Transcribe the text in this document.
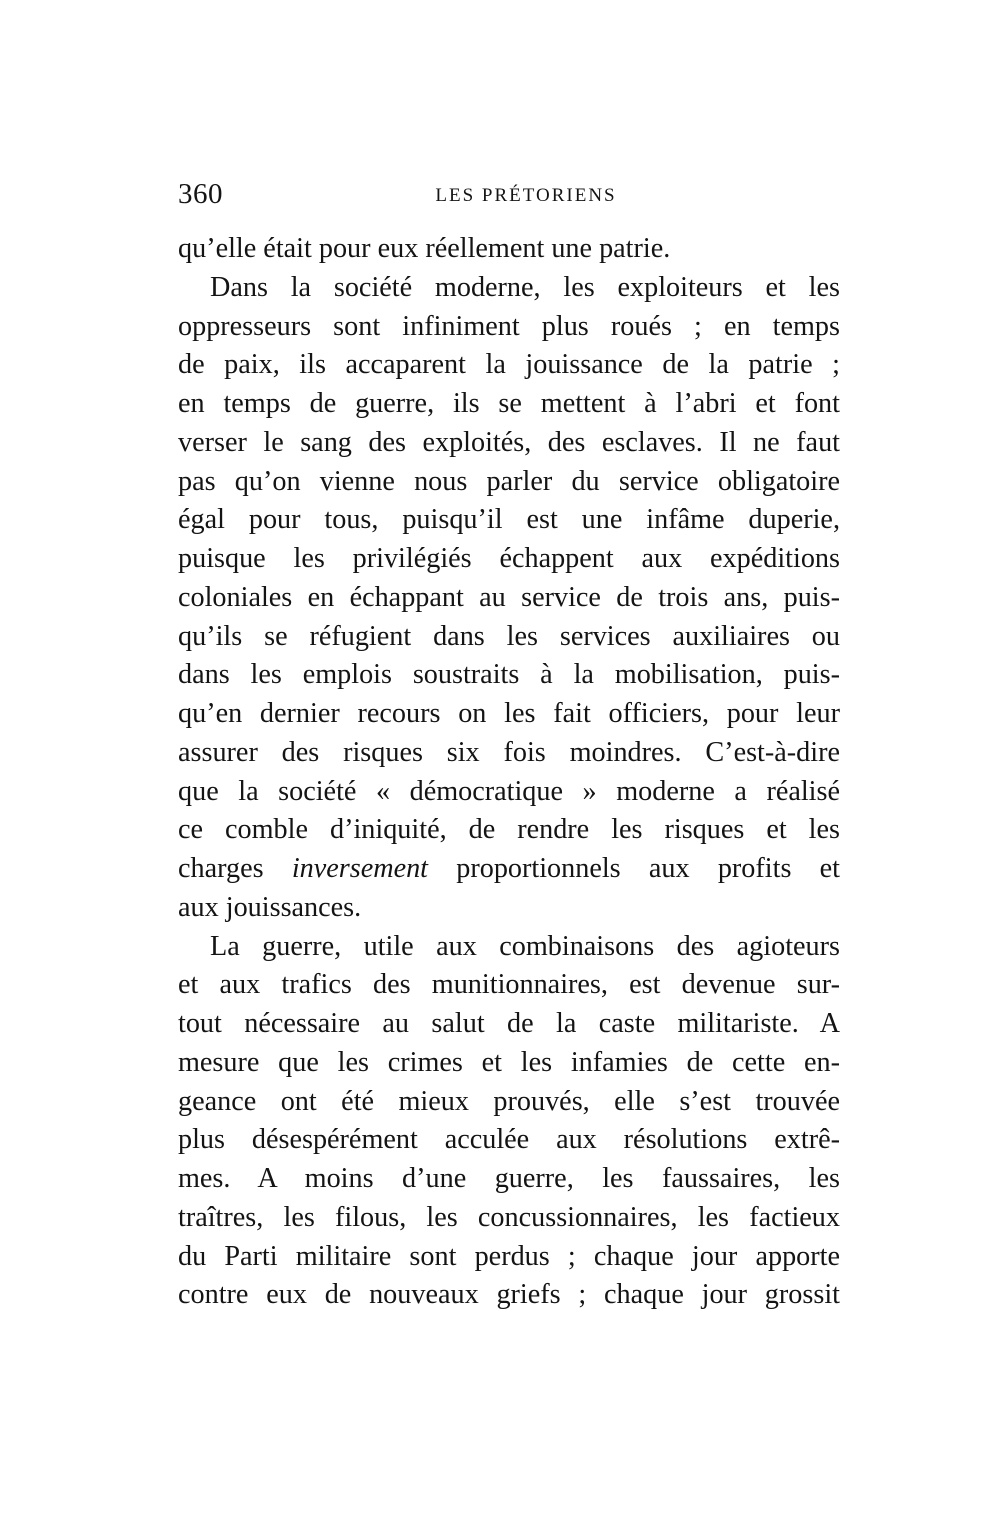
360	LES PRÉTORIENS
qu’elle était pour eux réellement une patrie.
Dans la société moderne, les exploiteurs et les
oppresseurs sont infiniment plus roués ; en temps
de paix, ils accaparent la jouissance de la patrie ;
en temps de guerre, ils se mettent à l’abri et font
verser le sang des exploités, des esclaves. Il ne faut
pas qu’on vienne nous parler du service obligatoire
égal pour tous, puisqu’il est une infâme duperie,
puisque les privilégiés échappent aux expéditions
coloniales en échappant au service de trois ans, puis-
qu’ils se réfugient dans les services auxiliaires ou
dans les emplois soustraits à la mobilisation, puis-
qu’en dernier recours on les fait officiers, pour leur
assurer des risques six fois moindres. C’est-à-dire
que la société « démocratique » moderne a réalisé
ce comble d’iniquité, de rendre les risques et les
charges inversement proportionnels aux profits et
aux jouissances.
La guerre, utile aux combinaisons des agioteurs
et aux trafics des munitionnaires, est devenue sur-
tout nécessaire au salut de la caste militariste. A
mesure que les crimes et les infamies de cette en-
geance ont été mieux prouvés, elle s’est trouvée
plus désespérément acculée aux résolutions extrê-
mes. A moins d’une guerre, les faussaires, les
traîtres, les filous, les concussionnaires, les factieux
du Parti militaire sont perdus ; chaque jour apporte
contre eux de nouveaux griefs ; chaque jour grossit
